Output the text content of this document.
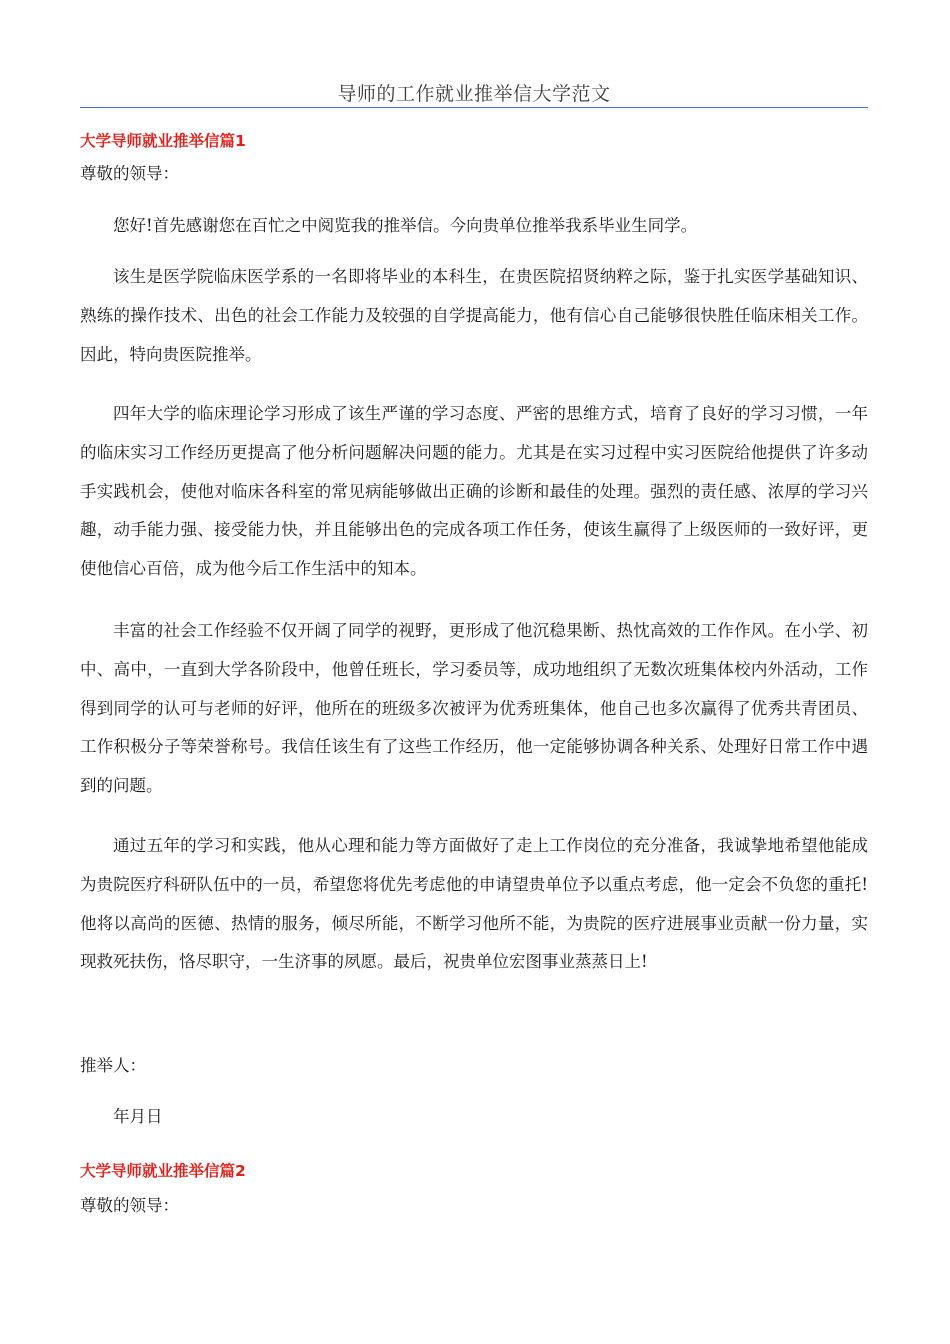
导师的工作就业推举信大学范文
大学导师就业推举信篇1
尊敬的领导：
您好!首先感谢您在百忙之中阅览我的推举信。今向贵单位推举我系毕业生同学。
该生是医学院临床医学系的一名即将毕业的本科生，在贵医院招贤纳粹之际，鉴于扎实医学基础知识、熟练的操作技术、出色的社会工作能力及较强的自学提高能力，他有信心自己能够很快胜任临床相关工作。因此，特向贵医院推举。
四年大学的临床理论学习形成了该生严谨的学习态度、严密的思维方式，培育了良好的学习习惯，一年的临床实习工作经历更提高了他分析问题解决问题的能力。尤其是在实习过程中实习医院给他提供了许多动手实践机会，使他对临床各科室的常见病能够做出正确的诊断和最佳的处理。强烈的责任感、浓厚的学习兴趣，动手能力强、接受能力快，并且能够出色的完成各项工作任务，使该生赢得了上级医师的一致好评，更使他信心百倍，成为他今后工作生活中的知本。
丰富的社会工作经验不仅开阔了同学的视野，更形成了他沉稳果断、热忱高效的工作作风。在小学、初中、高中，一直到大学各阶段中，他曾任班长，学习委员等，成功地组织了无数次班集体校内外活动，工作得到同学的认可与老师的好评，他所在的班级多次被评为优秀班集体，他自己也多次赢得了优秀共青团员、工作积极分子等荣誉称号。我信任该生有了这些工作经历，他一定能够协调各种关系、处理好日常工作中遇到的问题。
通过五年的学习和实践，他从心理和能力等方面做好了走上工作岗位的充分准备，我诚挚地希望他能成为贵院医疗科研队伍中的一员，希望您将优先考虑他的申请望贵单位予以重点考虑，他一定会不负您的重托!他将以高尚的医德、热情的服务，倾尽所能，不断学习他所不能，为贵院的医疗进展事业贡献一份力量，实现救死扶伤，恪尽职守，一生济事的夙愿。最后，祝贵单位宏图事业蒸蒸日上!
推举人：
年月日
大学导师就业推举信篇2
尊敬的领导：
